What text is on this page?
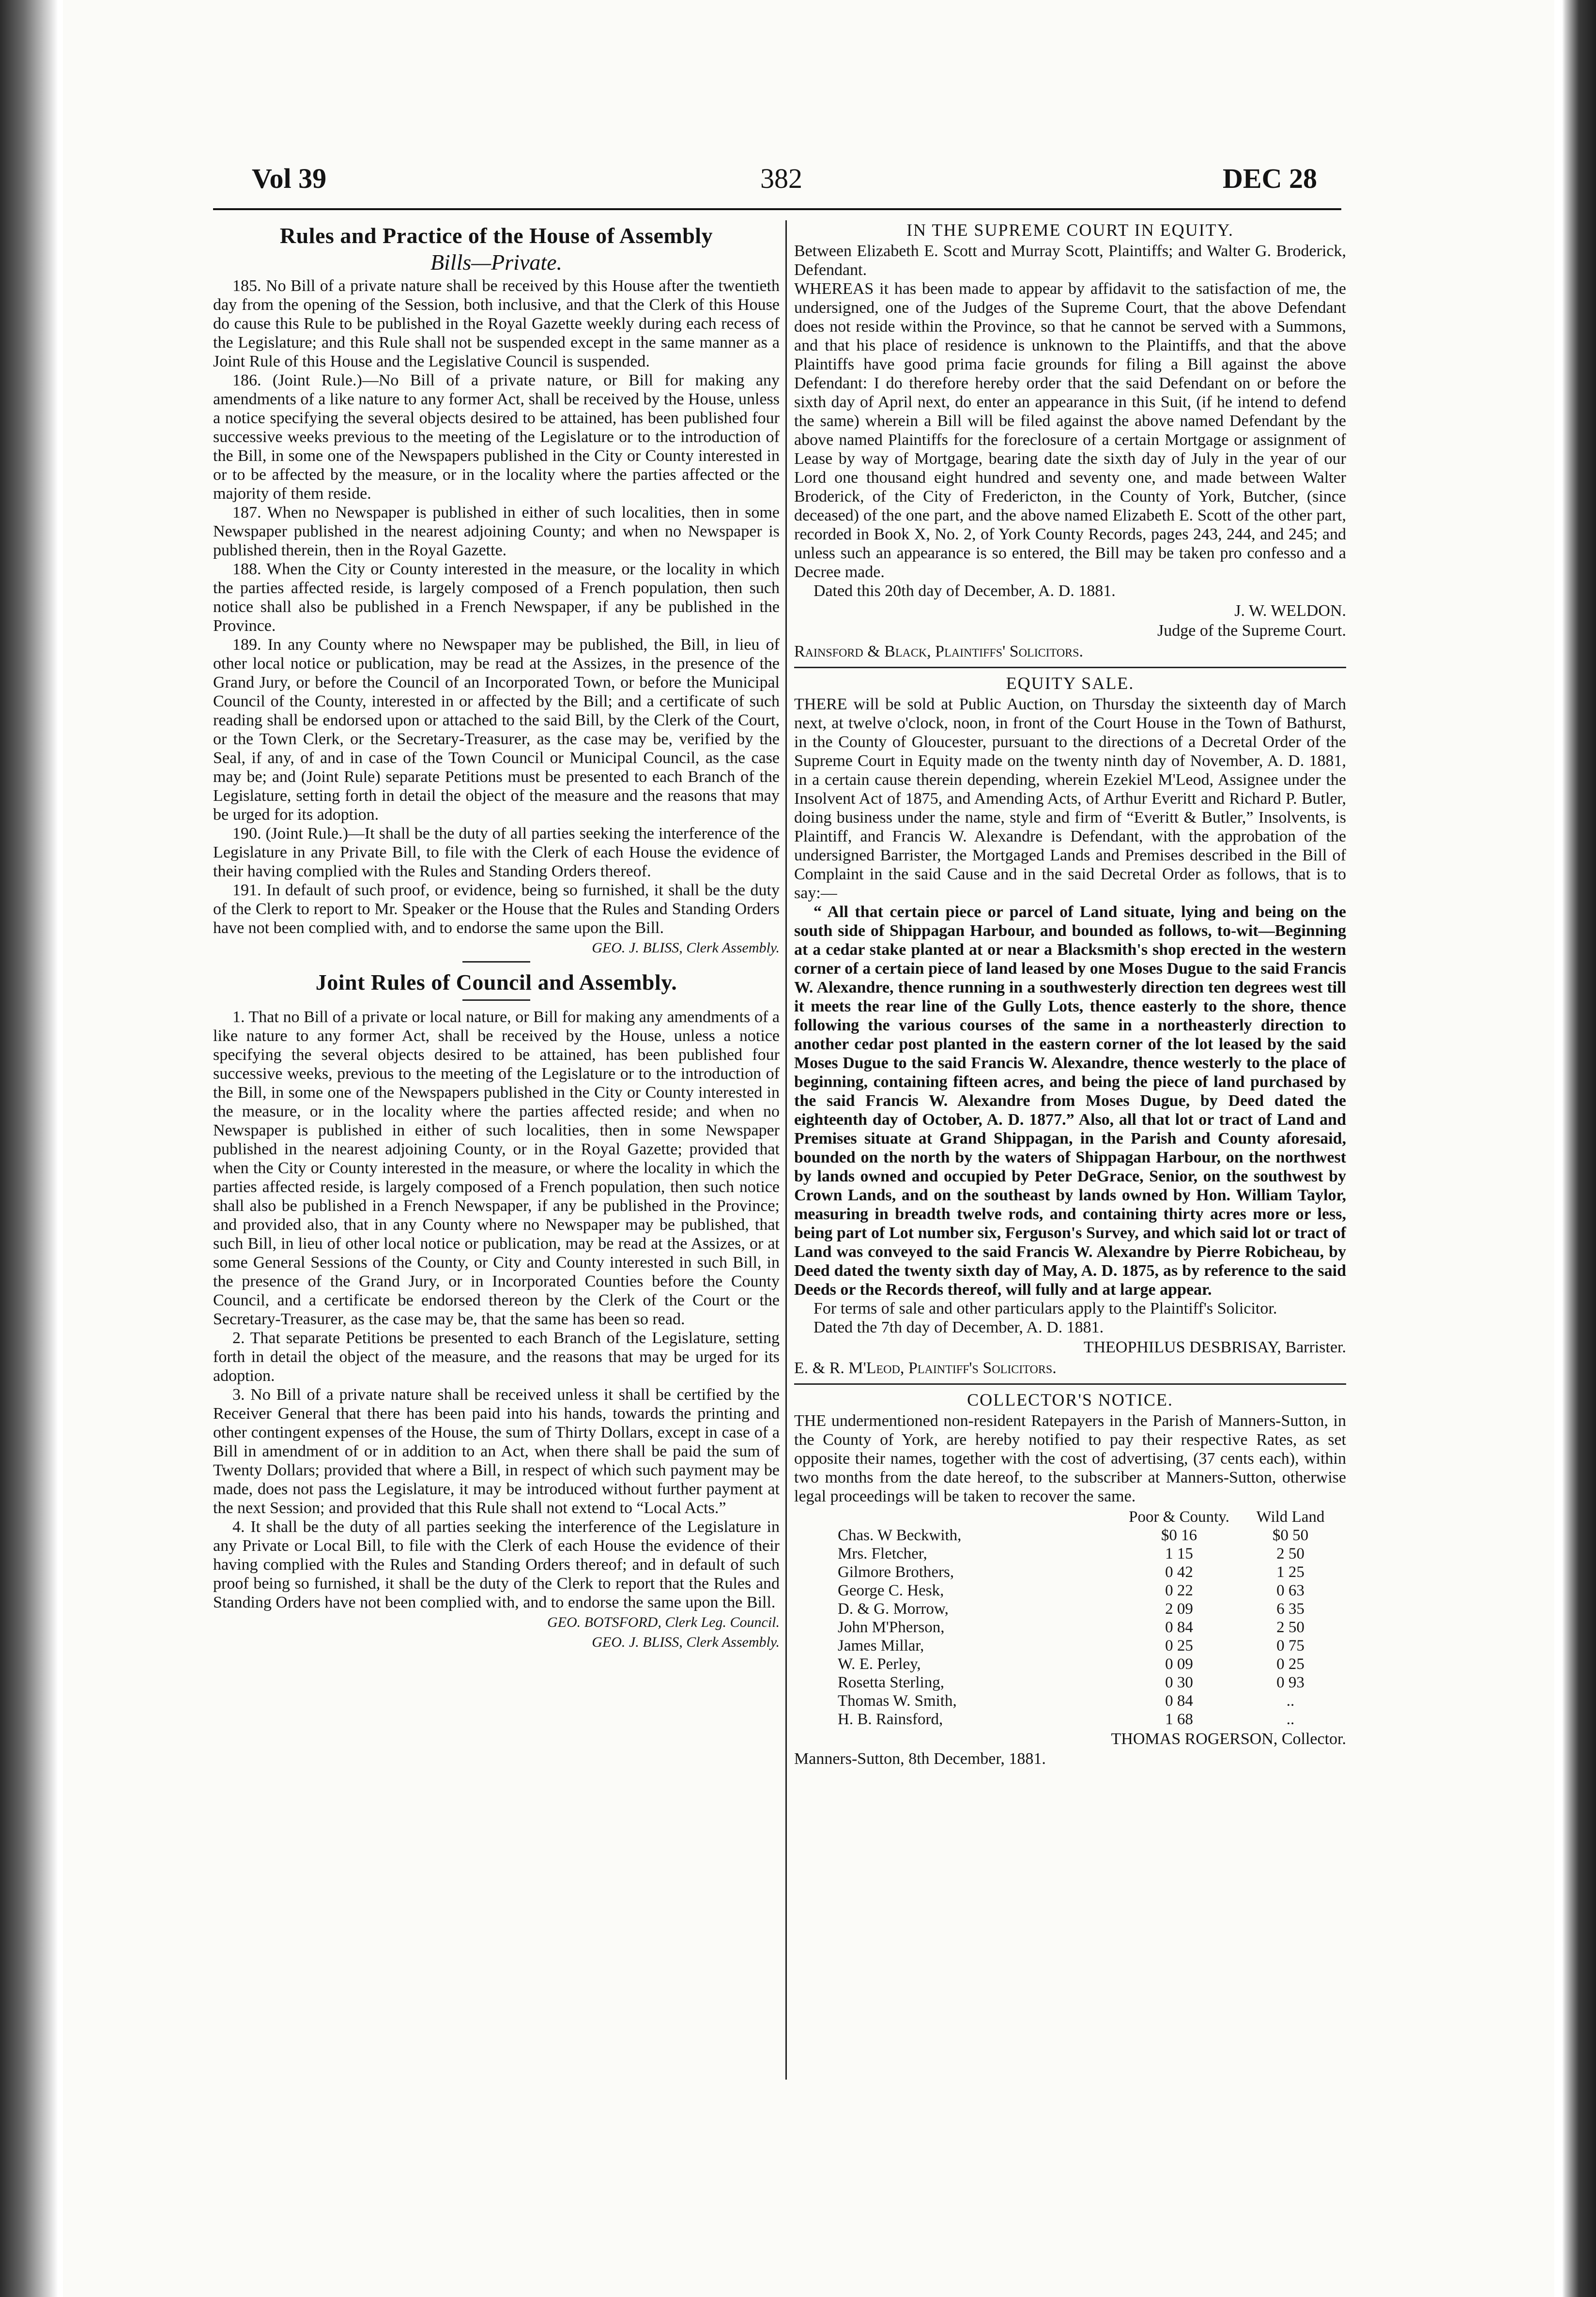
Vol 39	382	DEC 28
Rules and Practice of the House of Assembly
Bills—Private.

185. No Bill of a private nature shall be received by this House after the twentieth day from the opening of the Session, both inclusive, and that the Clerk of this House do cause this Rule to be published in the Royal Gazette weekly during each recess of the Legislature; and this Rule shall not be suspended except in the same manner as a Joint Rule of this House and the Legislative Council is suspended.

186. (Joint Rule.)—No Bill of a private nature, or Bill for making any amendments of a like nature to any former Act, shall be received by the House, unless a notice specifying the several objects desired to be attained, has been published four successive weeks previous to the meeting of the Legislature or to the introduction of the Bill, in some one of the Newspapers published in the City or County interested in or to be affected by the measure, or in the locality where the parties affected or the majority of them reside.

187. When no Newspaper is published in either of such localities, then in some Newspaper published in the nearest adjoining County; and when no Newspaper is published therein, then in the Royal Gazette.

188. When the City or County interested in the measure, or the locality in which the parties affected reside, is largely composed of a French population, then such notice shall also be published in a French Newspaper, if any be published in the Province.

189. In any County where no Newspaper may be published, the Bill, in lieu of other local notice or publication, may be read at the Assizes, in the presence of the Grand Jury, or before the Council of an Incorporated Town, or before the Municipal Council of the County, interested in or affected by the Bill; and a certificate of such reading shall be endorsed upon or attached to the said Bill, by the Clerk of the Court, or the Town Clerk, or the Secretary-Treasurer, as the case may be, verified by the Seal, if any, of and in case of the Town Council or Municipal Council, as the case may be; and (Joint Rule) separate Petitions must be presented to each Branch of the Legislature, setting forth in detail the object of the measure and the reasons that may be urged for its adoption.

190. (Joint Rule.)—It shall be the duty of all parties seeking the interference of the Legislature in any Private Bill, to file with the Clerk of each House the evidence of their having complied with the Rules and Standing Orders thereof.

191. In default of such proof, or evidence, being so furnished, it shall be the duty of the Clerk to report to Mr. Speaker or the House that the Rules and Standing Orders have not been complied with, and to endorse the same upon the Bill.

GEO. J. BLISS, Clerk Assembly.
Joint Rules of Council and Assembly.

1. That no Bill of a private or local nature, or Bill for making any amendments of a like nature to any former Act, shall be received by the House, unless a notice specifying the several objects desired to be attained, has been published four successive weeks, previous to the meeting of the Legislature or to the introduction of the Bill, in some one of the Newspapers published in the City or County interested in the measure, or in the locality where the parties affected reside; and when no Newspaper is published in either of such localities, then in some Newspaper published in the nearest adjoining County, or in the Royal Gazette; provided that when the City or County interested in the measure, or where the locality in which the parties affected reside, is largely composed of a French population, then such notice shall also be published in a French Newspaper, if any be published in the Province; and provided also, that in any County where no Newspaper may be published, that such Bill, in lieu of other local notice or publication, may be read at the Assizes, or at some General Sessions of the County, or City and County interested in such Bill, in the presence of the Grand Jury, or in Incorporated Counties before the County Council, and a certificate be endorsed thereon by the Clerk of the Court or the Secretary-Treasurer, as the case may be, that the same has been so read.

2. That separate Petitions be presented to each Branch of the Legislature, setting forth in detail the object of the measure, and the reasons that may be urged for its adoption.

3. No Bill of a private nature shall be received unless it shall be certified by the Receiver General that there has been paid into his hands, towards the printing and other contingent expenses of the House, the sum of Thirty Dollars, except in case of a Bill in amendment of or in addition to an Act, when there shall be paid the sum of Twenty Dollars; provided that where a Bill, in respect of which such payment may be made, does not pass the Legislature, it may be introduced without further payment at the next Session; and provided that this Rule shall not extend to “Local Acts.”

4. It shall be the duty of all parties seeking the interference of the Legislature in any Private or Local Bill, to file with the Clerk of each House the evidence of their having complied with the Rules and Standing Orders thereof; and in default of such proof being so furnished, it shall be the duty of the Clerk to report that the Rules and Standing Orders have not been complied with, and to endorse the same upon the Bill.

GEO. BOTSFORD, Clerk Leg. Council.
GEO. J. BLISS, Clerk Assembly.
IN THE SUPREME COURT IN EQUITY.

Between Elizabeth E. Scott and Murray Scott, Plaintiffs; and Walter G. Broderick, Defendant.

WHEREAS it has been made to appear by affidavit to the satisfaction of me, the undersigned, one of the Judges of the Supreme Court, that the above Defendant does not reside within the Province, so that he cannot be served with a Summons, and that his place of residence is unknown to the Plaintiffs, and that the above Plaintiffs have good prima facie grounds for filing a Bill against the above Defendant: I do therefore hereby order that the said Defendant on or before the sixth day of April next, do enter an appearance in this Suit, (if he intend to defend the same) wherein a Bill will be filed against the above named Defendant by the above named Plaintiffs for the foreclosure of a certain Mortgage or assignment of Lease by way of Mortgage, bearing date the sixth day of July in the year of our Lord one thousand eight hundred and seventy one, and made between Walter Broderick, of the City of Fredericton, in the County of York, Butcher, (since deceased) of the one part, and the above named Elizabeth E. Scott of the other part, recorded in Book X, No. 2, of York County Records, pages 243, 244, and 245; and unless such an appearance is so entered, the Bill may be taken pro confesso and a Decree made.

Dated this 20th day of December, A. D. 1881.

J. W. WELDON.
Judge of the Supreme Court.
Rainsford & Black, Plaintiffs' Solicitors.
EQUITY SALE.

THERE will be sold at Public Auction, on Thursday the sixteenth day of March next, at twelve o'clock, noon, in front of the Court House in the Town of Bathurst, in the County of Gloucester, pursuant to the directions of a Decretal Order of the Supreme Court in Equity made on the twenty ninth day of November, A. D. 1881, in a certain cause therein depending, wherein Ezekiel M'Leod, Assignee under the Insolvent Act of 1875, and Amending Acts, of Arthur Everitt and Richard P. Butler, doing business under the name, style and firm of “Everitt & Butler,” Insolvents, is Plaintiff, and Francis W. Alexandre is Defendant, with the approbation of the undersigned Barrister, the Mortgaged Lands and Premises described in the Bill of Complaint in the said Cause and in the said Decretal Order as follows, that is to say:—

“ All that certain piece or parcel of Land situate, lying and being on the south side of Shippagan Harbour, and bounded as follows, to-wit—Beginning at a cedar stake planted at or near a Blacksmith's shop erected in the western corner of a certain piece of land leased by one Moses Dugue to the said Francis W. Alexandre, thence running in a southwesterly direction ten degrees west till it meets the rear line of the Gully Lots, thence easterly to the shore, thence following the various courses of the same in a northeasterly direction to another cedar post planted in the eastern corner of the lot leased by the said Moses Dugue to the said Francis W. Alexandre, thence westerly to the place of beginning, containing fifteen acres, and being the piece of land purchased by the said Francis W. Alexandre from Moses Dugue, by Deed dated the eighteenth day of October, A. D. 1877.” Also, all that lot or tract of Land and Premises situate at Grand Shippagan, in the Parish and County aforesaid, bounded on the north by the waters of Shippagan Harbour, on the northwest by lands owned and occupied by Peter DeGrace, Senior, on the southwest by Crown Lands, and on the southeast by lands owned by Hon. William Taylor, measuring in breadth twelve rods, and containing thirty acres more or less, being part of Lot number six, Ferguson's Survey, and which said lot or tract of Land was conveyed to the said Francis W. Alexandre by Pierre Robicheau, by Deed dated the twenty sixth day of May, A. D. 1875, as by reference to the said Deeds or the Records thereof, will fully and at large appear.

For terms of sale and other particulars apply to the Plaintiff's Solicitor.

Dated the 7th day of December, A. D. 1881.

THEOPHILUS DESBRISAY, Barrister.
E. & R. M'Leod, Plaintiff's Solicitors.
COLLECTOR'S NOTICE.

THE undermentioned non-resident Ratepayers in the Parish of Manners-Sutton, in the County of York, are hereby notified to pay their respective Rates, as set opposite their names, together with the cost of advertising, (37 cents each), within two months from the date hereof, to the subscriber at Manners-Sutton, otherwise legal proceedings will be taken to recover the same.

	Poor & County.	Wild Land
Chas. W Beckwith,	$0 16	$0 50
Mrs. Fletcher,	1 15	2 50
Gilmore Brothers,	0 42	1 25
George C. Hesk,	0 22	0 63
D. & G. Morrow,	2 09	6 35
John M'Pherson,	0 84	2 50
James Millar,	0 25	0 75
W. E. Perley,	0 09	0 25
Rosetta Sterling,	0 30	0 93
Thomas W. Smith,	0 84	..
H. B. Rainsford,	1 68	..
THOMAS ROGERSON, Collector.

Manners-Sutton, 8th December, 1881.
